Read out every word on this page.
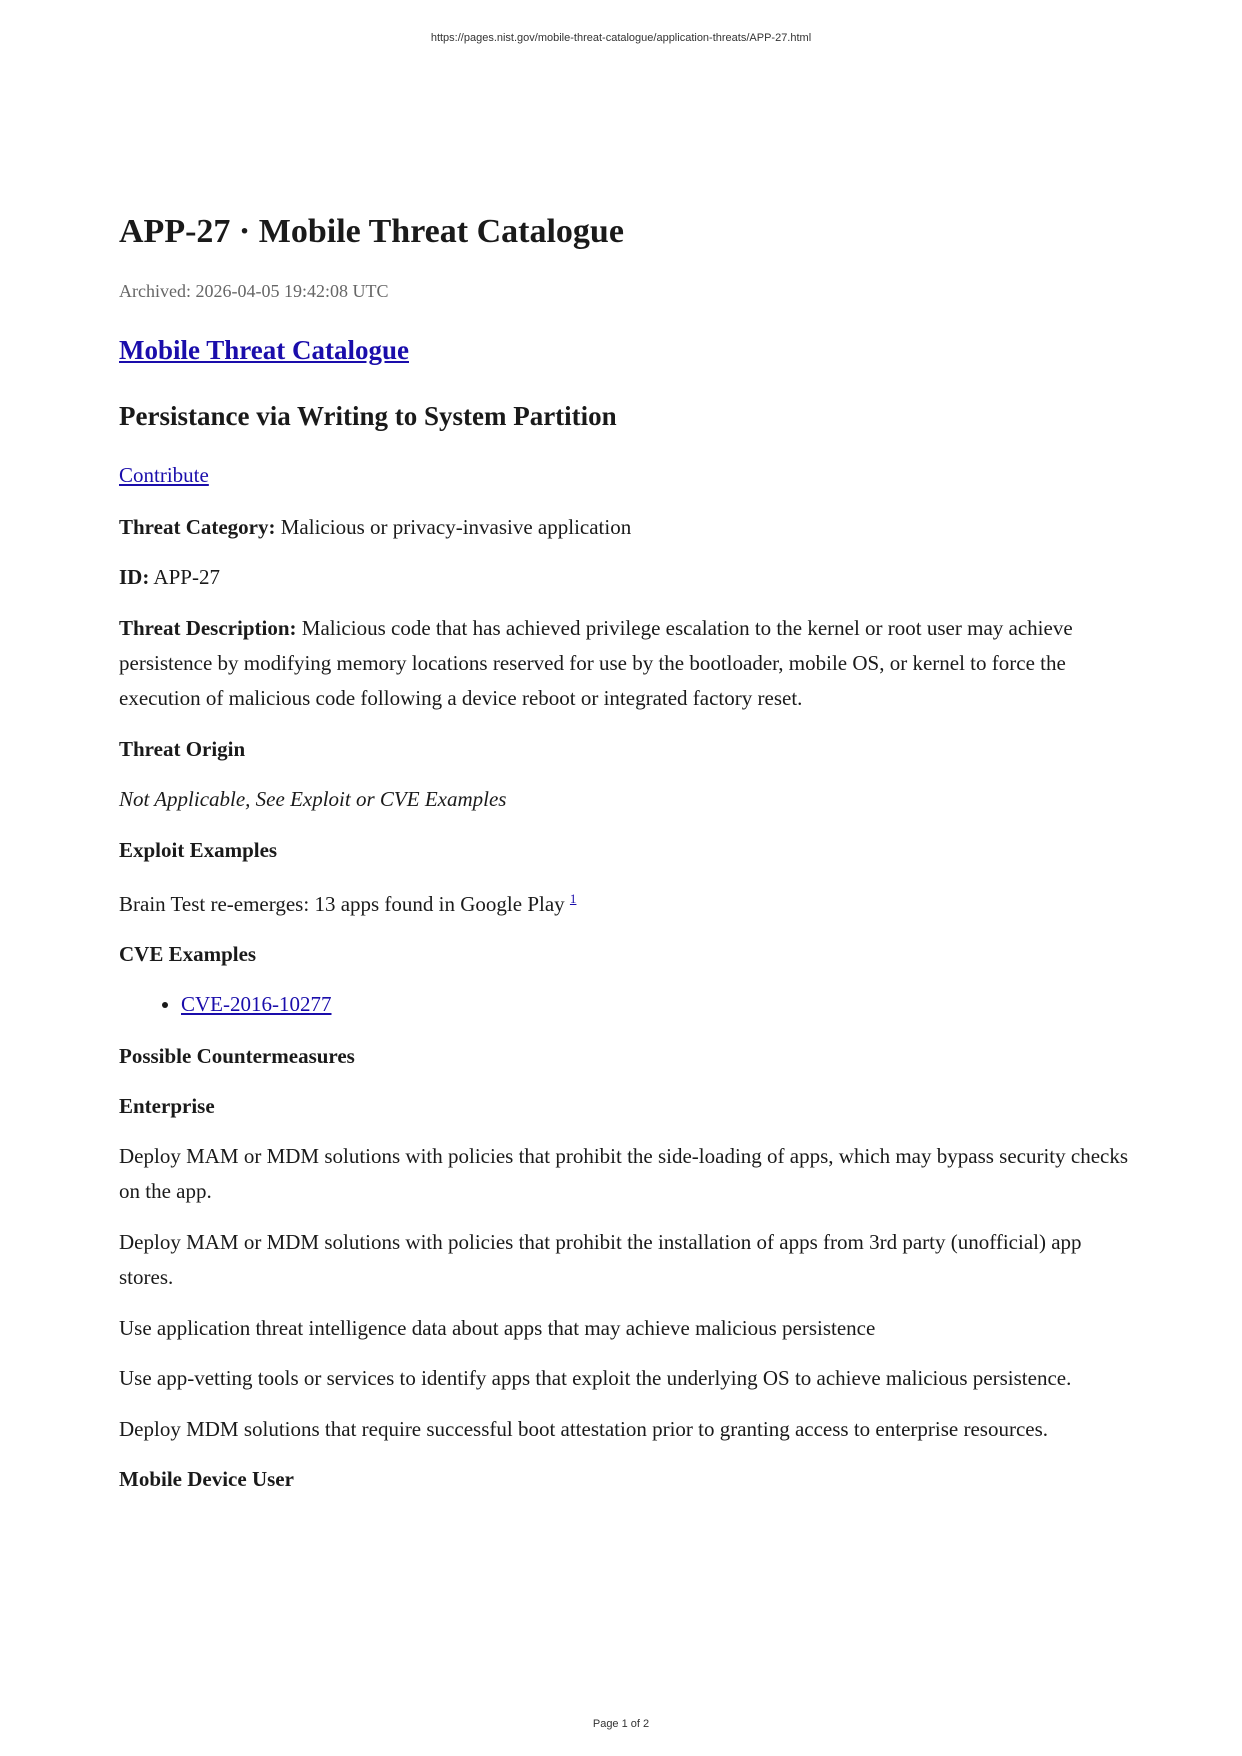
https://pages.nist.gov/mobile-threat-catalogue/application-threats/APP-27.html
APP-27 · Mobile Threat Catalogue
Archived: 2026-04-05 19:42:08 UTC
Mobile Threat Catalogue
Persistance via Writing to System Partition

Contribute

Threat Category: Malicious or privacy-invasive application

ID: APP-27

Threat Description: Malicious code that has achieved privilege escalation to the kernel or root user may achieve persistence by modifying memory locations reserved for use by the bootloader, mobile OS, or kernel to force the execution of malicious code following a device reboot or integrated factory reset.

Threat Origin

Not Applicable, See Exploit or CVE Examples

Exploit Examples

Brain Test re-emerges: 13 apps found in Google Play $^1$

CVE Examples

• CVE-2016-10277

Possible Countermeasures

Enterprise

Deploy MAM or MDM solutions with policies that prohibit the side-loading of apps, which may bypass security checks on the app.

Deploy MAM or MDM solutions with policies that prohibit the installation of apps from 3rd party (unofficial) app stores.

Use application threat intelligence data about apps that may achieve malicious persistence

Use app-vetting tools or services to identify apps that exploit the underlying OS to achieve malicious persistence.

Deploy MDM solutions that require successful boot attestation prior to granting access to enterprise resources.

Mobile Device User

Page 1 of 2
